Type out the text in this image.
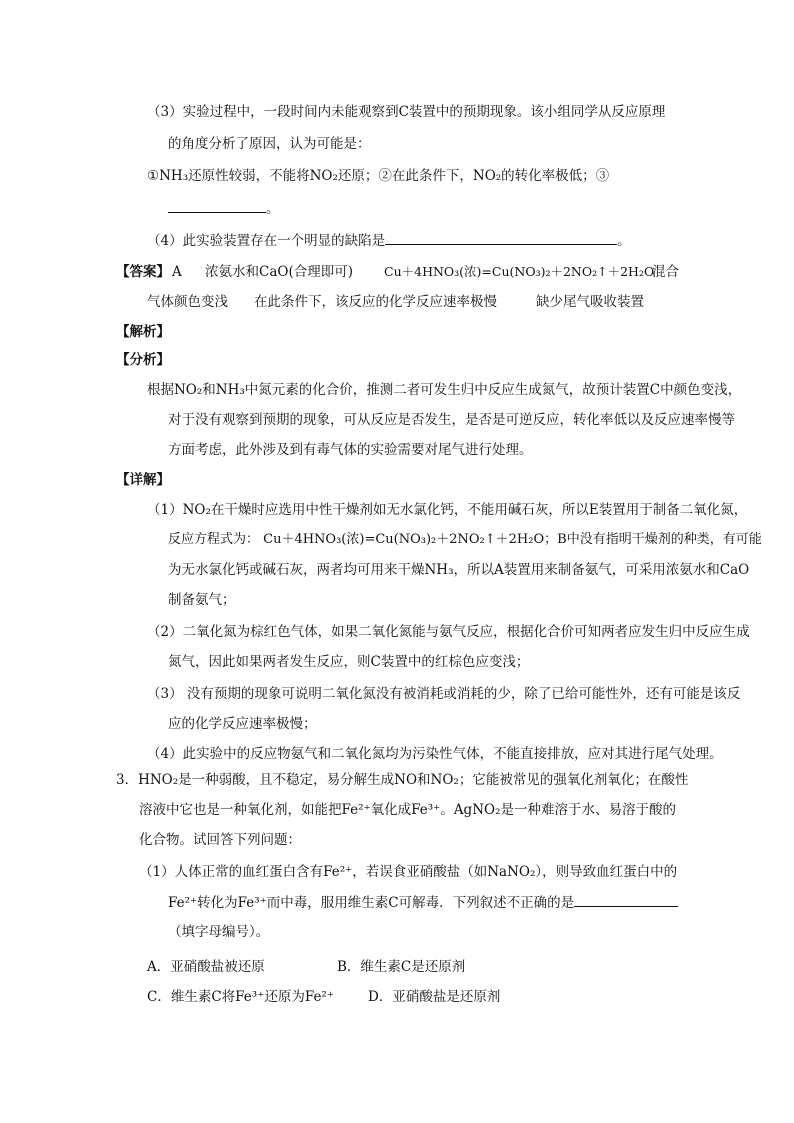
（3）实验过程中，一段时间内未能观察到C装置中的预期现象。该小组同学从反应原理
的角度分析了原因，认为可能是：
①NH₃还原性较弱，不能将NO₂还原；②在此条件下，NO₂的转化率极低；③
。
（4）此实验装置存在一个明显的缺陷是	。
【答案】 A 浓氨水和CaO(合理即可) Cu＋4HNO₃(浓)=Cu(NO₃)₂＋2NO₂↑＋2H₂O
混合
气体颜色变浅 在此条件下，该反应的化学反应速率极慢	缺少尾气吸收装置
【解析】
【分析】
根据NO₂和NH₃中氮元素的化合价，推测二者可发生归中反应生成氮气，故预计装置C中颜色变浅，
对于没有观察到预期的现象，可从反应是否发生，是否是可逆反应，转化率低以及反应速率慢等
方面考虑，此外涉及到有毒气体的实验需要对尾气进行处理。
【详解】
（1）NO₂在干燥时应选用中性干燥剂如无水氯化钙，不能用碱石灰，所以E装置用于制备二氧化氮，
反应方程式为： Cu＋4HNO₃(浓)=Cu(NO₃)₂＋2NO₂↑＋2H₂O；B中没有指明干燥剂的种类，有可能
为无水氯化钙或碱石灰，两者均可用来干燥NH₃，所以A装置用来制备氨气，可采用浓氨水和CaO
制备氨气；
（2）二氧化氮为棕红色气体，如果二氧化氮能与氨气反应，根据化合价可知两者应发生归中反应生成
氮气，因此如果两者发生反应，则C装置中的红棕色应变浅；
（3） 没有预期的现象可说明二氧化氮没有被消耗或消耗的少，除了已给可能性外，还有可能是该反
应的化学反应速率极慢；
（4）此实验中的反应物氨气和二氧化氮均为污染性气体，不能直接排放，应对其进行尾气处理。
3．HNO₂是一种弱酸，且不稳定，易分解生成NO和NO₂；它能被常见的强氧化剂氧化；在酸性
溶液中它也是一种氧化剂，如能把Fe²⁺氧化成Fe³⁺。AgNO₂是一种难溶于水、易溶于酸的
化合物。试回答下列问题：
（1）人体正常的血红蛋白含有Fe²⁺，若误食亚硝酸盐（如NaNO₂），则导致血红蛋白中的
Fe²⁺转化为Fe³⁺而中毒，服用维生素C可解毒．下列叙述不正确的是
（填字母编号）。
A．亚硝酸盐被还原	B．维生素C是还原剂
C．维生素C将Fe³⁺还原为Fe²⁺	D．亚硝酸盐是还原剂
